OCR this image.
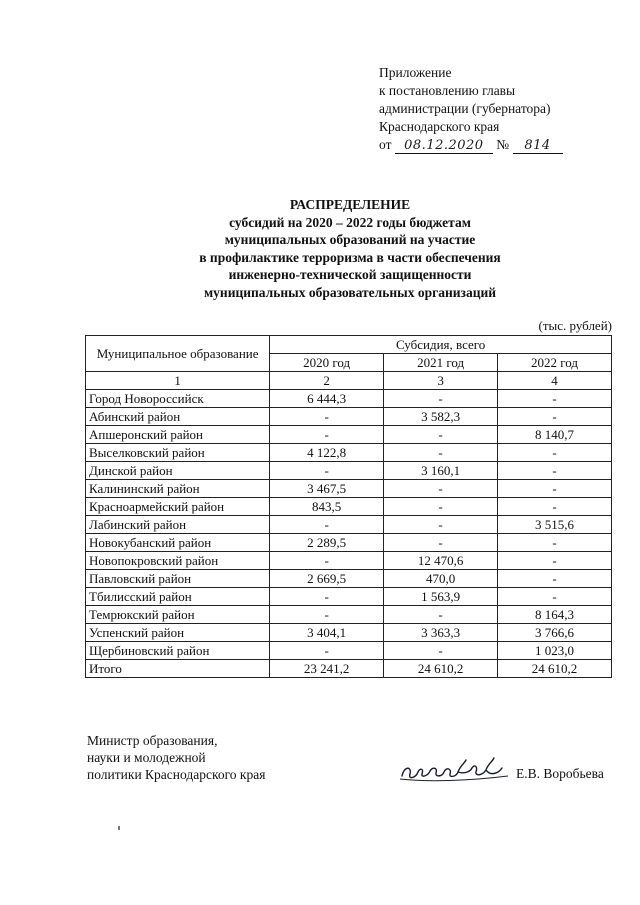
Приложение
к постановлению главы
администрации (губернатора)
Краснодарского края
от 08.12.2020 № 814
РАСПРЕДЕЛЕНИЕ
субсидий на 2020 – 2022 годы бюджетам
муниципальных образований на участие
в профилактике терроризма в части обеспечения
инженерно-технической защищенности
муниципальных образовательных организаций
(тыс. рублей)
Муниципальное образование	Субсидия, всего		
	2020 год	2021 год	2022 год
1	2	3	4
Город Новороссийск	6 444,3	-	-
Абинский район	-	3 582,3	-
Апшеронский район	-	-	8 140,7
Выселковский район	4 122,8	-	-
Динской район	-	3 160,1	-
Калининский район	3 467,5	-	-
Красноармейский район	843,5	-	-
Лабинский район	-	-	3 515,6
Новокубанский район	2 289,5	-	-
Новопокровский район	-	12 470,6	-
Павловский район	2 669,5	470,0	-
Тбилисский район	-	1 563,9	-
Темрюкский район	-	-	8 164,3
Успенский район	3 404,1	3 363,3	3 766,6
Щербиновский район	-	-	1 023,0
Итого	23 241,2	24 610,2	24 610,2
Министр образования,
науки и молодежной
политики Краснодарского края	Е.В. Воробьева
